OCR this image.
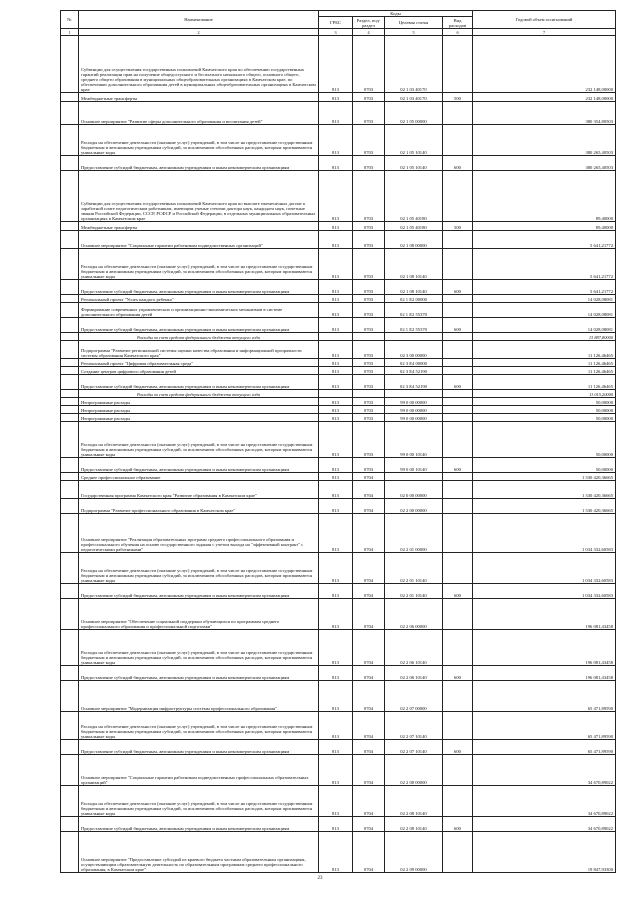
№	Наименование	Коды				Годовой объем ассигнований
		ГРБС	Раздел, под-раздел	Целевая статья	Вид расходов	
1	2	3	4	5	6	7
	Субвенции для осуществления государственных полномочий Камчатского края по обеспечению государственных гарантий реализации прав на получение общедоступного и бесплатного начального общего, основного общего, среднего общего образования в муниципальных общеобразовательных организациях в Камчатском крае, по обеспечению дополнительного образования детей в муниципальных общеобразовательных организациях в Камчатском крае	813	0703	02 1 03 40170		232 148,00000
	Межбюджетные трансферты	813	0703	02 1 03 40170	500	232 148,00000
	Основное мероприятие "Развитие сферы дополнительного образования и воспитания детей"	813	0703	02 1 05 00000		380 354,80503
	Расходы на обеспечение деятельности (оказание услуг) учреждений, в том числе на предоставление государственным бюджетным и автономным учреждениям субсидий, за исключением обособленных расходов, которым присваиваются уникальные коды	813	0703	02 1 05 10140		380 265,40503
	Предоставление субсидий бюджетным, автономным учреждениям и иным некоммерческим организациям	813	0703	02 1 05 10140	600	380 265,40503
	Субвенции для осуществления государственных полномочий Камчатского края по выплате ежемесячных доплат к заработной плате педагогическим работникам, имеющим ученые степени доктора наук, кандидата наук, почетные звания Российской Федерации, СССР, РСФСР и Российской Федерации, в отдельных муниципальных образовательных организациях в Камчатском крае	813	0703	02 1 05 40180		89,40000
	Межбюджетные трансферты	813	0703	02 1 05 40180	500	89,40000
	Основное мероприятие "Социальные гарантии работникам подведомственных организаций"	813	0703	02 1 08 00000		5 641,21772
	Расходы на обеспечение деятельности (оказание услуг) учреждений, в том числе на предоставление государственным бюджетным и автономным учреждениям субсидий, за исключением обособленных расходов, которым присваиваются уникальные коды	813	0703	02 1 08 10140		5 641,21772
	Предоставление субсидий бюджетным, автономным учреждениям и иным некоммерческим организациям	813	0703	02 1 08 10140	600	5 641,21772
	Региональный проект "Успех каждого ребенка"	813	0703	02 1 E2 00000		14 028,08081
	Формирование современных управленческих и организационно-экономических механизмов в системе дополнительного образования детей	813	0703	02 1 E2 55370		14 028,08081
	Предоставление субсидий бюджетным, автономным учреждениям и иным некоммерческим организациям	813	0703	02 1 E2 55370	600	14 028,08081
	Расходы за счет средств федерального бюджета текущего года					13 887,80000
	Подпрограмма "Развитие региональной системы оценки качества образования и информационной прозрачности системы образования Камчатского края"	813	0703	02 3 00 00000		11 126,46465
	Региональный проект "Цифровая образовательная среда"	813	0703	02 3 E4 00000		11 126,46465
	Создание центров цифрового образования детей	813	0703	02 3 E4 52190		11 126,46465
	Предоставление субсидий бюджетным, автономным учреждениям и иным некоммерческим организациям	813	0703	02 3 E4 52190	600	11 126,46465
	Расходы за счет средств федерального бюджета текущего года					11 015,20000
	Непрограммные расходы	813	0703	99 0 00 00000		50,00000
	Непрограммные расходы	813	0703	99 0 00 00000		50,00000
	Непрограммные расходы	813	0703	99 0 00 00000		50,00000
	Расходы на обеспечение деятельности (оказание услуг) учреждений, в том числе на предоставление государственным бюджетным и автономным учреждениям субсидий, за исключением обособленных расходов, которым присваиваются уникальные коды	813	0703	99 0 00 10140		50,00000
	Предоставление субсидий бюджетным, автономным учреждениям и иным некоммерческим организациям	813	0703	99 0 00 10140	600	50,00000
	Среднее профессиональное образование	813	0704			1 330 420,36665
	Государственная программа Камчатского края "Развитие образования в Камчатском крае"	813	0704	02 0 00 00000		1 330 420,36665
	Подпрограмма "Развитие профессионального образования в Камчатском крае"	813	0704	02 2 00 00000		1 330 420,36665
	Основное мероприятие "Реализация образовательных программ среднего профессионального образования и профессионального обучения на основе государственного задания с учетом выхода на "эффективный контракт" с педагогическими работниками"	813	0704	02 2 01 00000		1 034 332,60583
	Расходы на обеспечение деятельности (оказание услуг) учреждений, в том числе на предоставление государственным бюджетным и автономным учреждениям субсидий, за исключением обособленных расходов, которым присваиваются уникальные коды	813	0704	02 2 01 10140		1 034 332,60583
	Предоставление субсидий бюджетным, автономным учреждениям и иным некоммерческим организациям	813	0704	02 2 01 10140	600	1 034 332,60583
	Основное мероприятие "Обеспечение социальной поддержки обучающихся по программам среднего профессионального образования и профессиональной подготовки"	813	0704	02 2 06 00000		196 081,43458
	Расходы на обеспечение деятельности (оказание услуг) учреждений, в том числе на предоставление государственным бюджетным и автономным учреждениям субсидий, за исключением обособленных расходов, которым присваиваются уникальные коды	813	0704	02 2 06 10140		196 081,43458
	Предоставление субсидий бюджетным, автономным учреждениям и иным некоммерческим организациям	813	0704	02 2 06 10140	600	196 081,43458
	Основное мероприятие "Модернизация инфраструктуры системы профессионального образования"	813	0704	02 2 07 00000		65 471,89590
	Расходы на обеспечение деятельности (оказание услуг) учреждений, в том числе на предоставление государственным бюджетным и автономным учреждениям субсидий, за исключением обособленных расходов, которым присваиваются уникальные коды	813	0704	02 2 07 10140		65 471,89590
	Предоставление субсидий бюджетным, автономным учреждениям и иным некоммерческим организациям	813	0704	02 2 07 10140	600	65 471,89590
	Основное мероприятие "Социальные гарантии работникам подведомственных профессиональных образовательных организаций"	813	0704	02 2 08 00000		34 670,89022
	Расходы на обеспечение деятельности (оказание услуг) учреждений, в том числе на предоставление государственным бюджетным и автономным учреждениям субсидий, за исключением обособленных расходов, которым присваиваются уникальные коды	813	0704	02 2 08 10140		34 670,89022
	Предоставление субсидий бюджетным, автономным учреждениям и иным некоммерческим организациям	813	0704	02 2 08 10140	600	34 670,89022
	Основное мероприятие "Предоставление субсидий из краевого бюджета частным образовательным организациям, осуществляющим образовательную деятельность по образовательным программам среднего профессионального образования, в Камчатском крае"	813	0704	02 2 09 00000		19 847,93300
23
